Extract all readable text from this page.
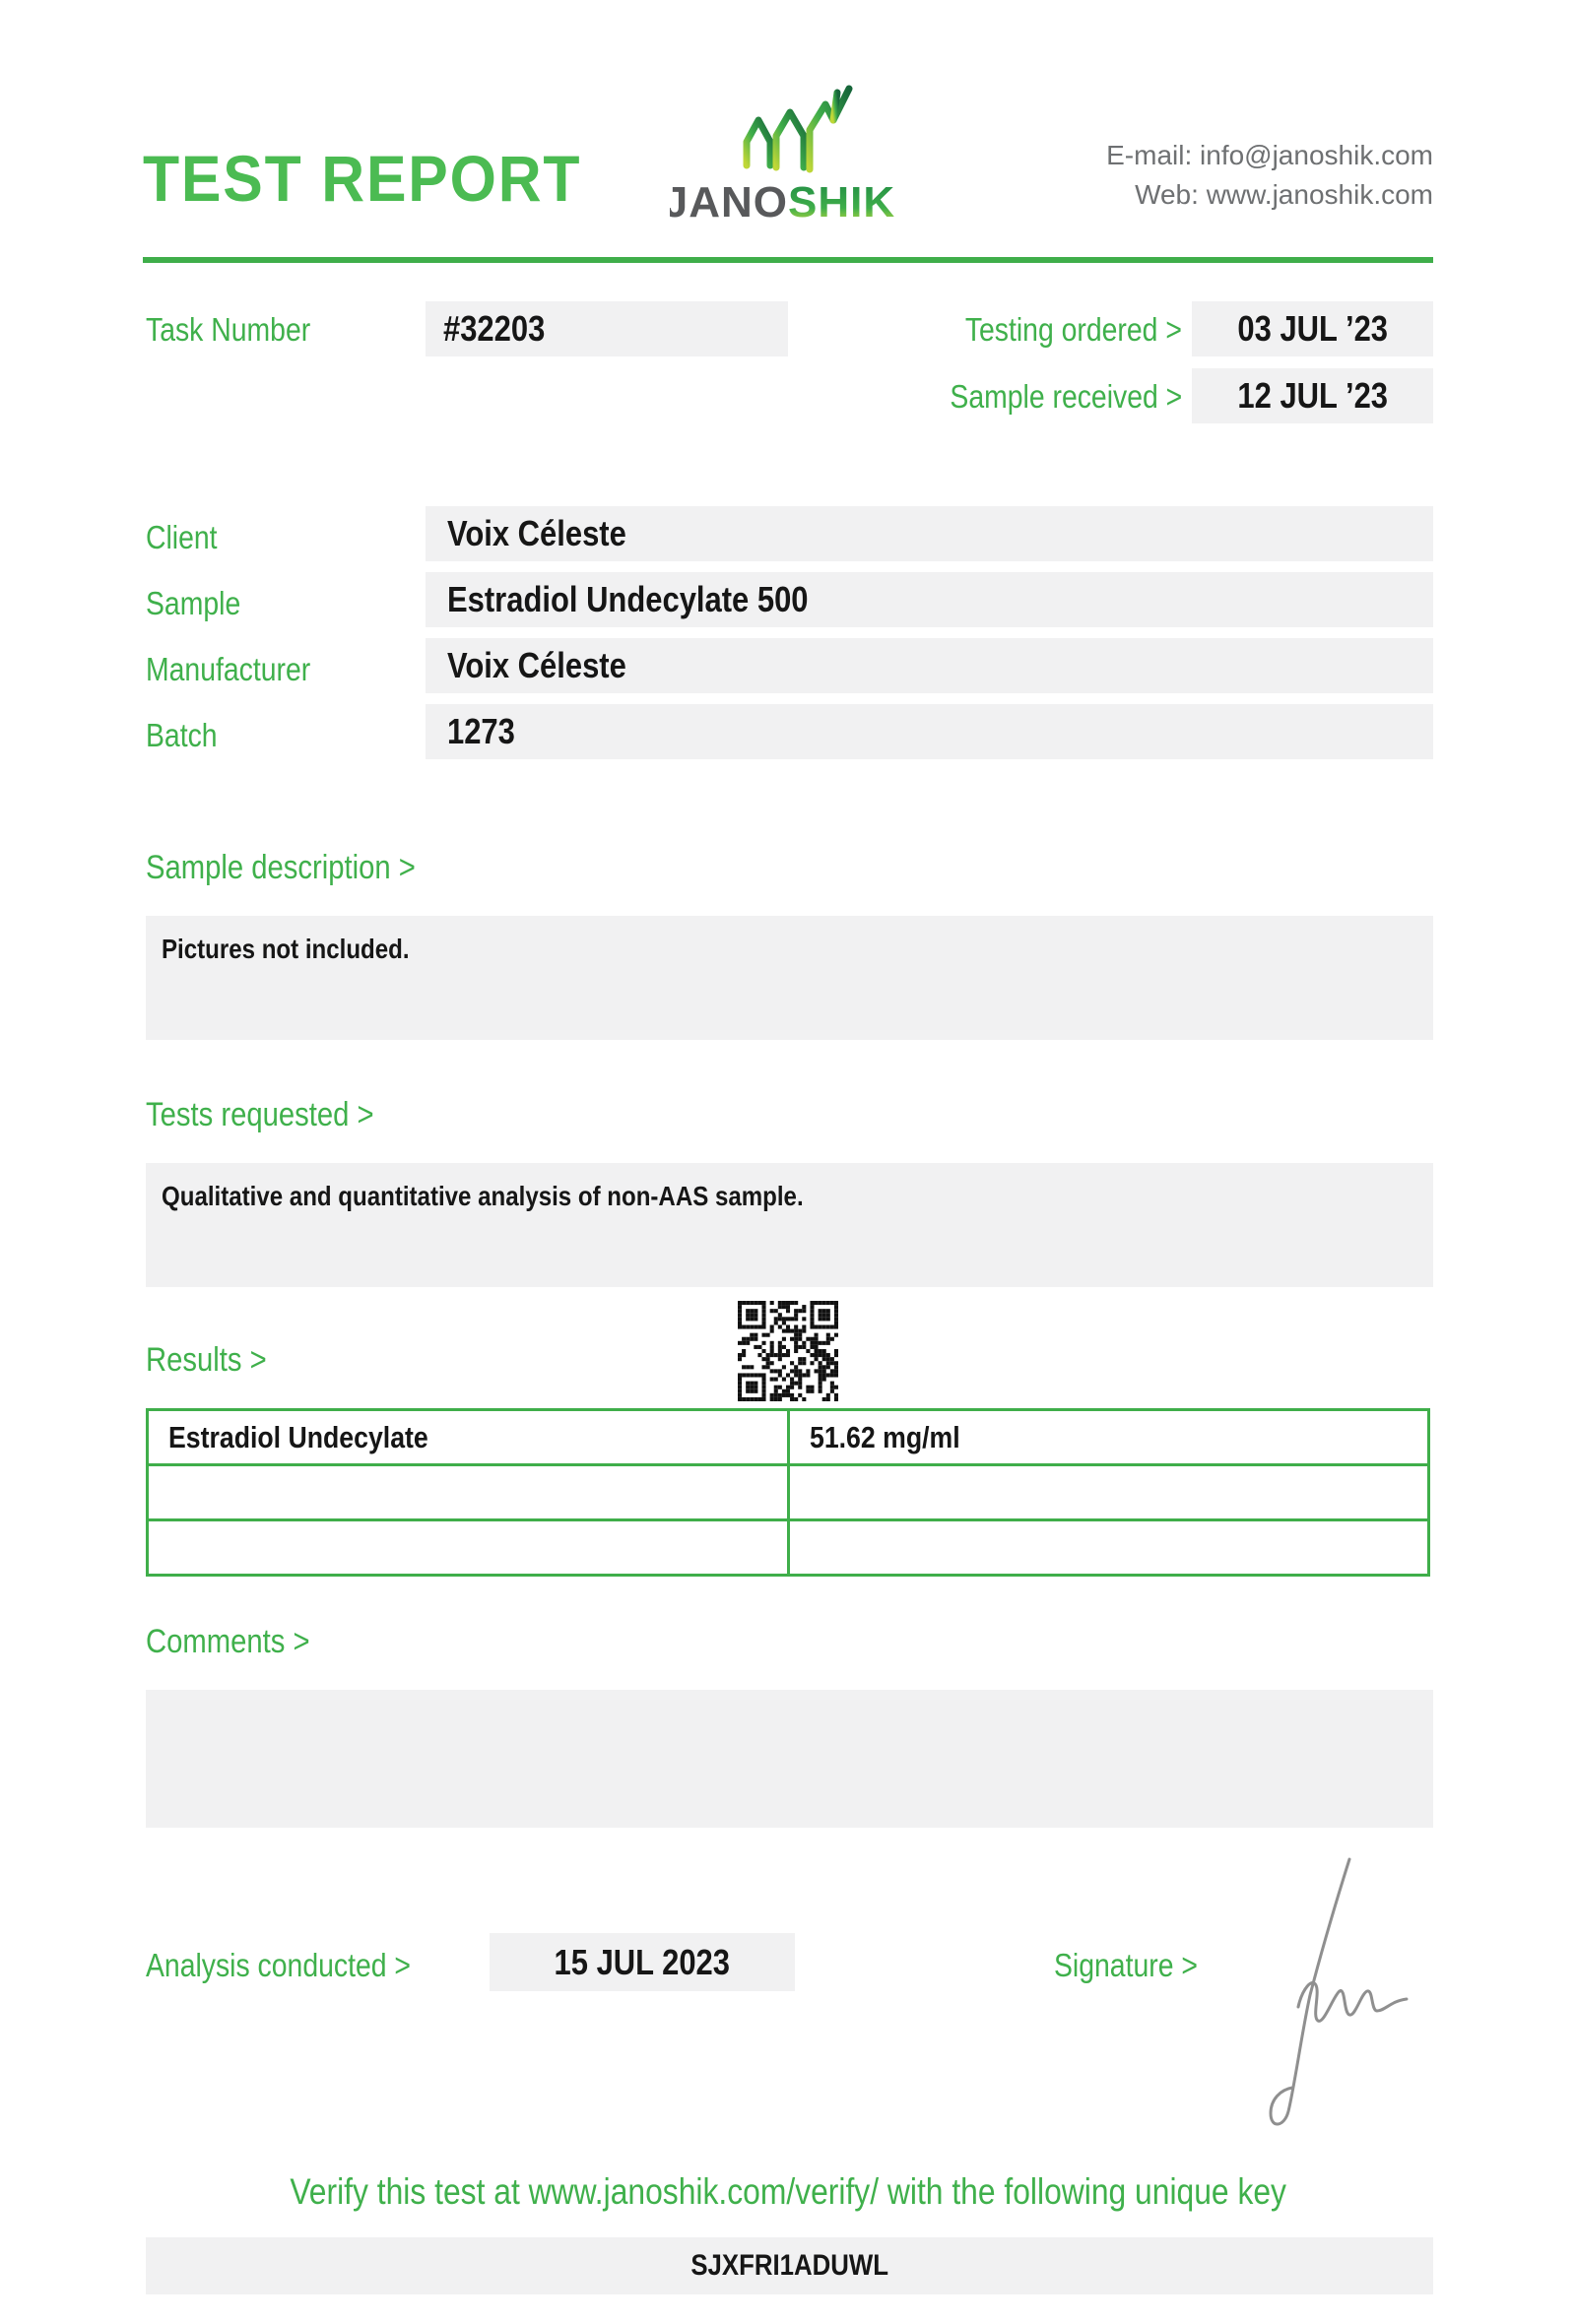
TEST REPORT JANO SHIK
E-mail: info@janoshik.com
Web: www.janoshik.com
Task Number	#32203	Testing ordered > 03 JUL ’23
Sample received > 12 JUL ’23
Client	Voix Céleste
Sample	Estradiol Undecylate 500
Manufacturer	Voix Céleste
Batch	1273
Sample description >
Pictures not included.
Tests requested >
Qualitative and quantitative analysis of non-AAS sample.
Results >
Estradiol Undecylate	51.62 mg/ml

Comments >
Analysis conducted >	15 JUL 2023	Signature >
Verify this test at www.janoshik.com/verify/ with the following unique key
SJXFRI1ADUWL
